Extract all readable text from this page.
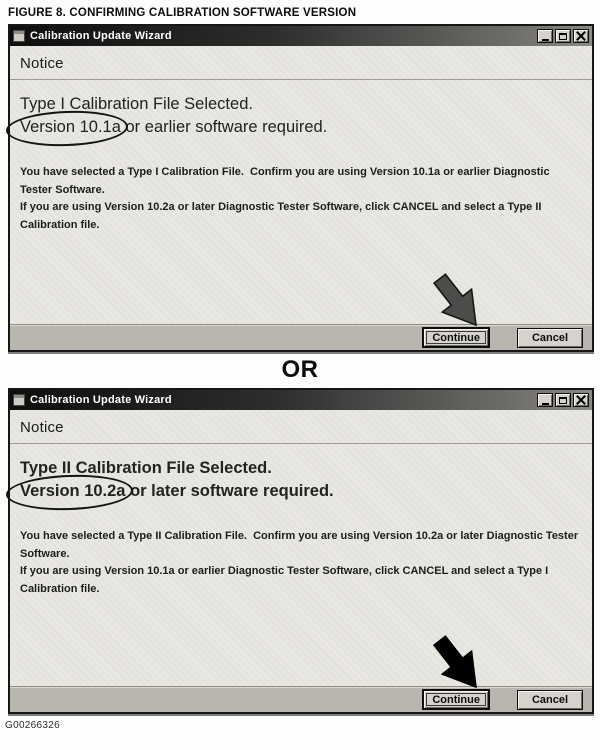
FIGURE 8. CONFIRMING CALIBRATION SOFTWARE VERSION
Calibration Update Wizard
Notice
Type I Calibration File Selected.
Version 10.1a
or earlier software required.
You have selected a Type I Calibration File.  Confirm you are using Version 10.1a or earlier Diagnostic Tester Software.
If you are using Version 10.2a or later Diagnostic Tester Software, click CANCEL and select a Type II Calibration file.
Continue	Cancel
OR
Calibration Update Wizard
Notice
Type II Calibration File Selected.
Version 10.2a
or later software required.
You have selected a Type II Calibration File.  Confirm you are using Version 10.2a or later Diagnostic Tester Software.
If you are using Version 10.1a or earlier Diagnostic Tester Software, click CANCEL and select a Type I Calibration file.
Continue	Cancel
G00266326
